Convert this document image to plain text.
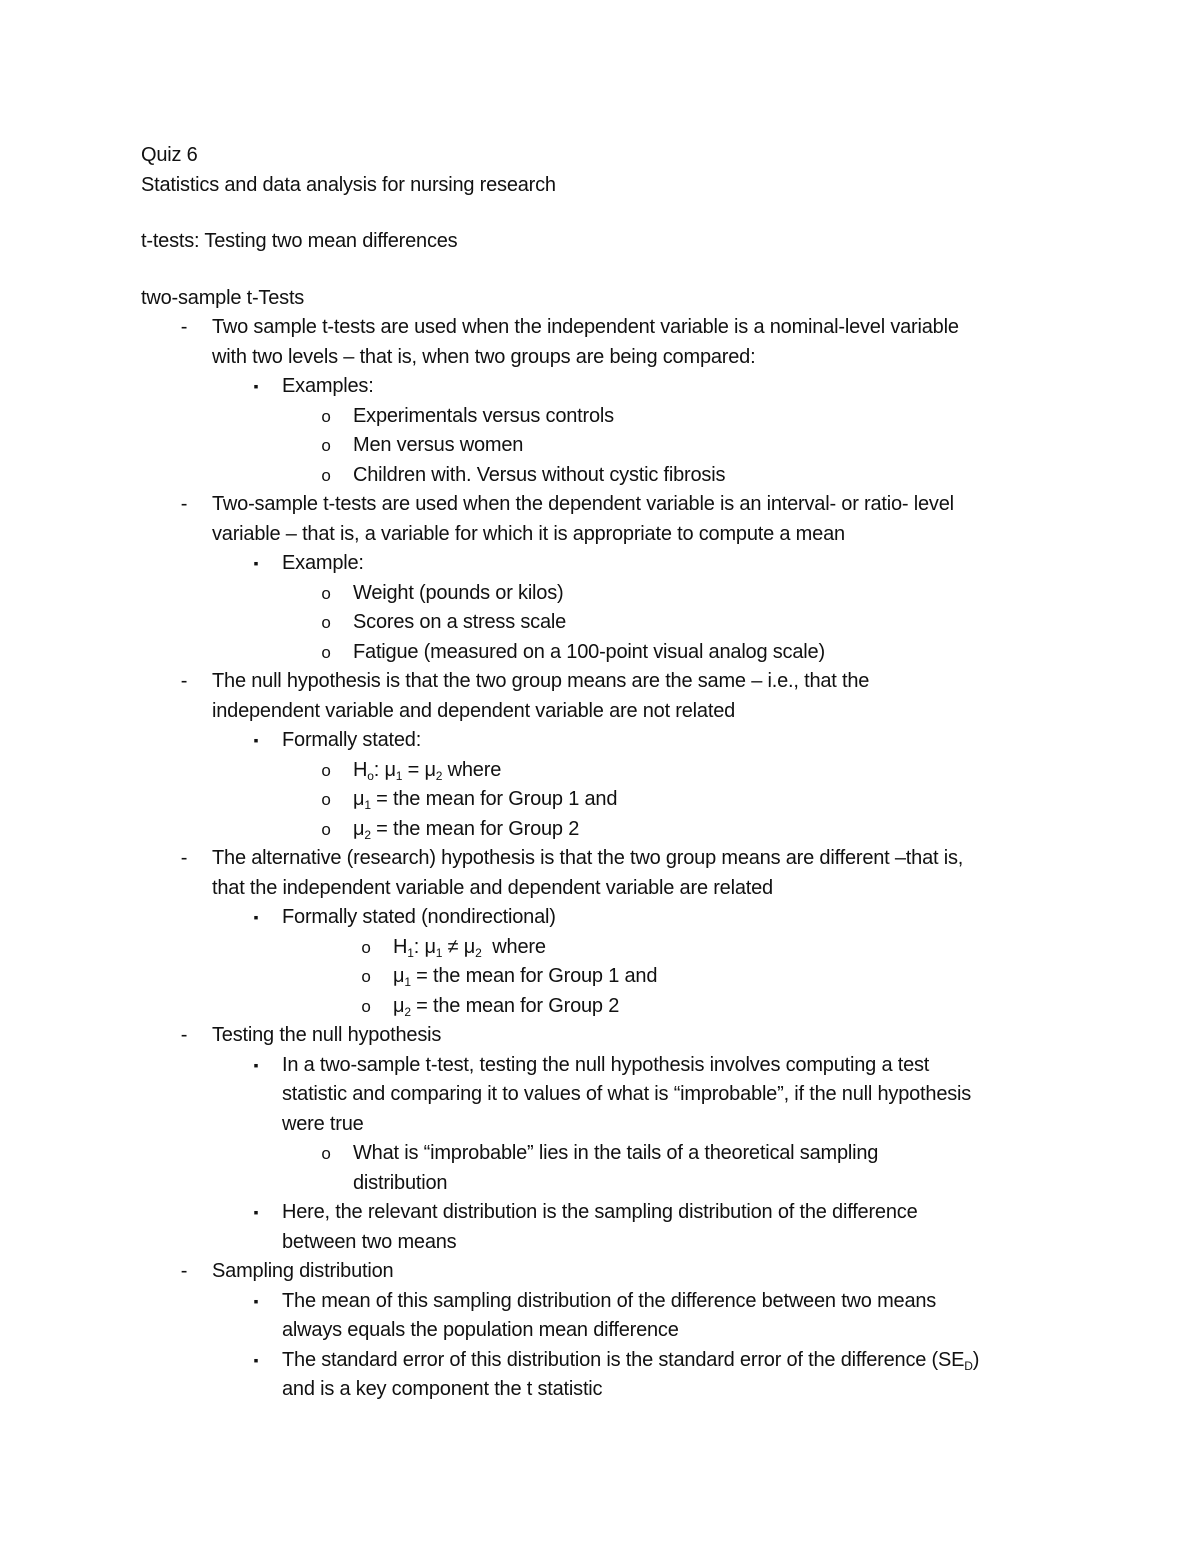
Quiz 6

Statistics and data analysis for nursing research

t-tests: Testing two mean differences

two-sample t-Tests

- Two sample t-tests are used when the independent variable is a nominal-level variable

with two levels – that is, when two groups are being compared:

▪ Examples:

o Experimentals versus controls

o Men versus women

o Children with. Versus without cystic fibrosis

- Two-sample t-tests are used when the dependent variable is an interval- or ratio- level

variable – that is, a variable for which it is appropriate to compute a mean

▪ Example:

o Weight (pounds or kilos)

o Scores on a stress scale

o Fatigue (measured on a 100-point visual analog scale)

- The null hypothesis is that the two group means are the same – i.e., that the

independent variable and dependent variable are not related

▪ Formally stated:

o $H_o$: $\mu_1 = \mu_2$ where

o $\mu_1$ = the mean for Group 1 and

o $\mu_2$ = the mean for Group 2

- The alternative (research) hypothesis is that the two group means are different –that is,

that the independent variable and dependent variable are related

▪ Formally stated (nondirectional)

o $H_1$: $\mu_1 \ne \mu_2$  where

o $\mu_1$ = the mean for Group 1 and

o $\mu_2$ = the mean for Group 2

- Testing the null hypothesis

▪ In a two-sample t-test, testing the null hypothesis involves computing a test

statistic and comparing it to values of what is “improbable”, if the null hypothesis

were true

o What is “improbable” lies in the tails of a theoretical sampling

distribution

▪ Here, the relevant distribution is the sampling distribution of the difference

between two means

- Sampling distribution

▪ The mean of this sampling distribution of the difference between two means

always equals the population mean difference

▪ The standard error of this distribution is the standard error of the difference $(SE_D)$

and is a key component the t statistic
